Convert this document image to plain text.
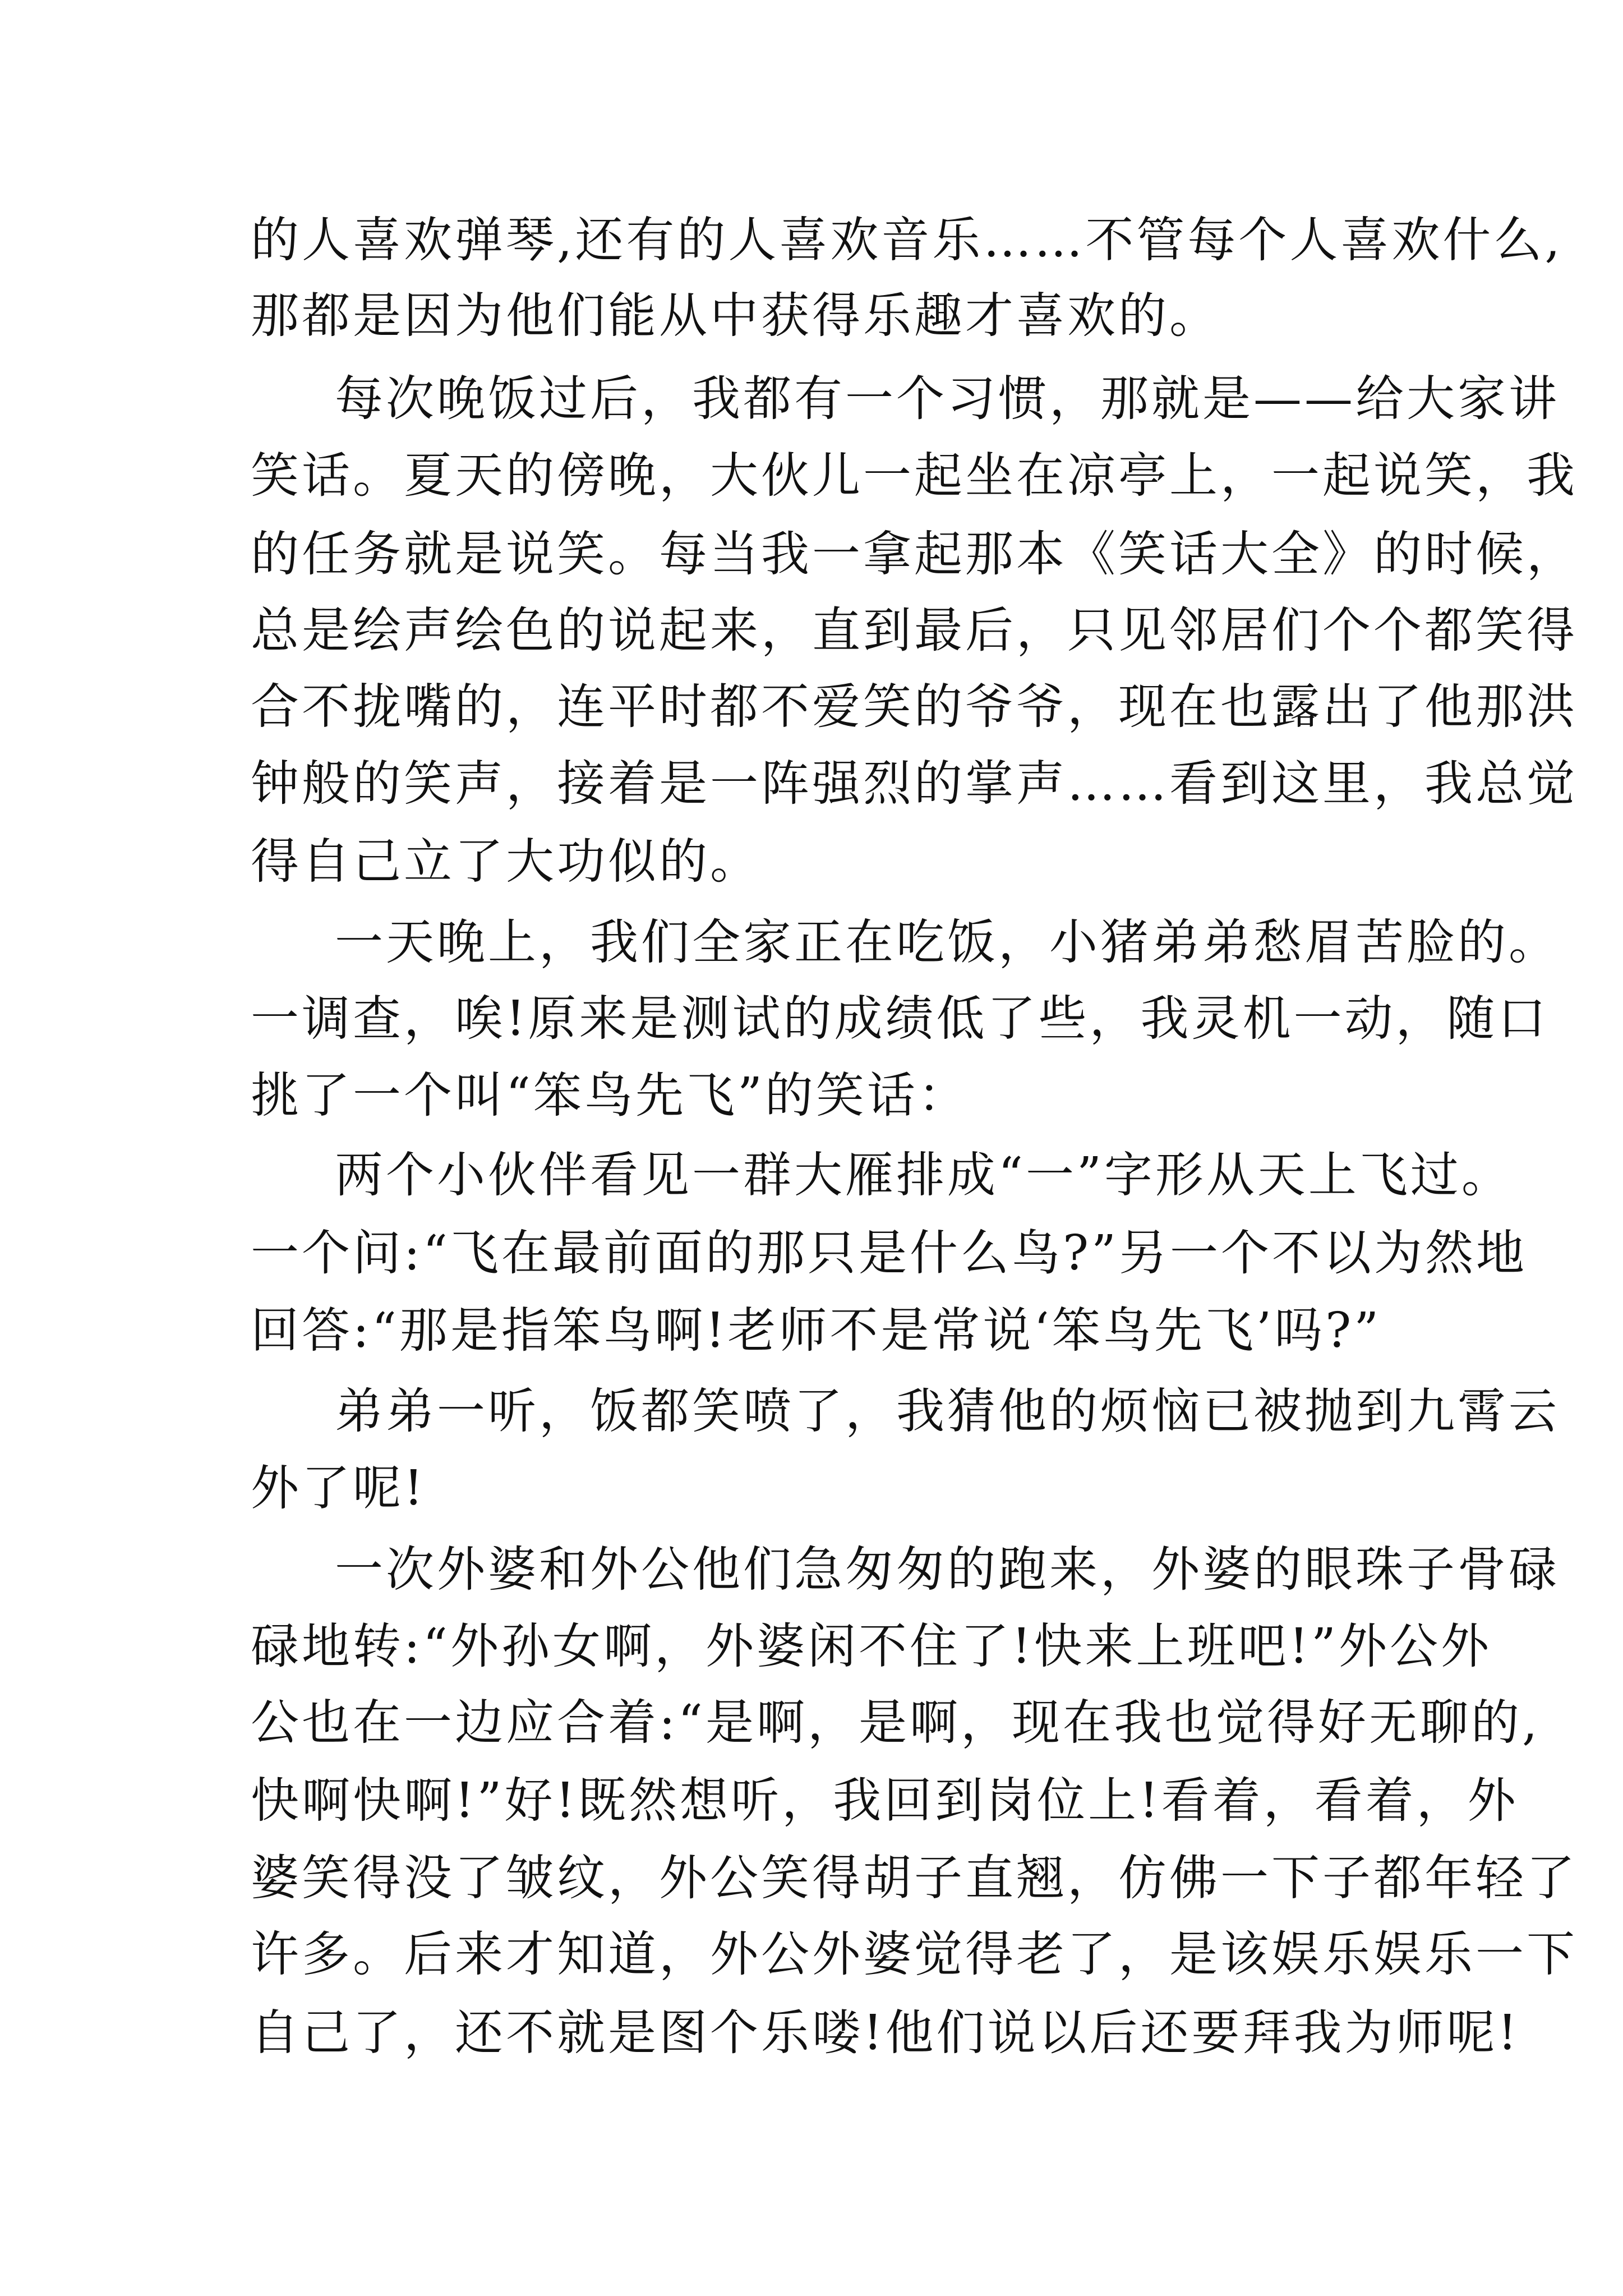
的人喜欢弹琴,还有的人喜欢音乐……不管每个人喜欢什么,
那都是因为他们能从中获得乐趣才喜欢的。
每次晚饭过后，我都有一个习惯，那就是——给大家讲
笑话。夏天的傍晚，大伙儿一起坐在凉亭上，一起说笑，我
的任务就是说笑。每当我一拿起那本《笑话大全》的时候，
总是绘声绘色的说起来，直到最后，只见邻居们个个都笑得
合不拢嘴的，连平时都不爱笑的爷爷，现在也露出了他那洪
钟般的笑声，接着是一阵强烈的掌声……看到这里，我总觉
得自己立了大功似的。
一天晚上，我们全家正在吃饭，小猪弟弟愁眉苦脸的。
一调查，唉!原来是测试的成绩低了些，我灵机一动，随口
挑了一个叫“笨鸟先飞”的笑话：
两个小伙伴看见一群大雁排成“一”字形从天上飞过。
一个问:“飞在最前面的那只是什么鸟?”另一个不以为然地
回答:“那是指笨鸟啊!老师不是常说‘笨鸟先飞’吗?”
弟弟一听，饭都笑喷了，我猜他的烦恼已被抛到九霄云
外了呢!
一次外婆和外公他们急匆匆的跑来，外婆的眼珠子骨碌
碌地转:“外孙女啊，外婆闲不住了!快来上班吧!”外公外
公也在一边应合着:“是啊，是啊，现在我也觉得好无聊的,
快啊快啊!”好!既然想听，我回到岗位上!看着，看着，外
婆笑得没了皱纹，外公笑得胡子直翘，仿佛一下子都年轻了
许多。后来才知道，外公外婆觉得老了，是该娱乐娱乐一下
自己了，还不就是图个乐喽!他们说以后还要拜我为师呢!
